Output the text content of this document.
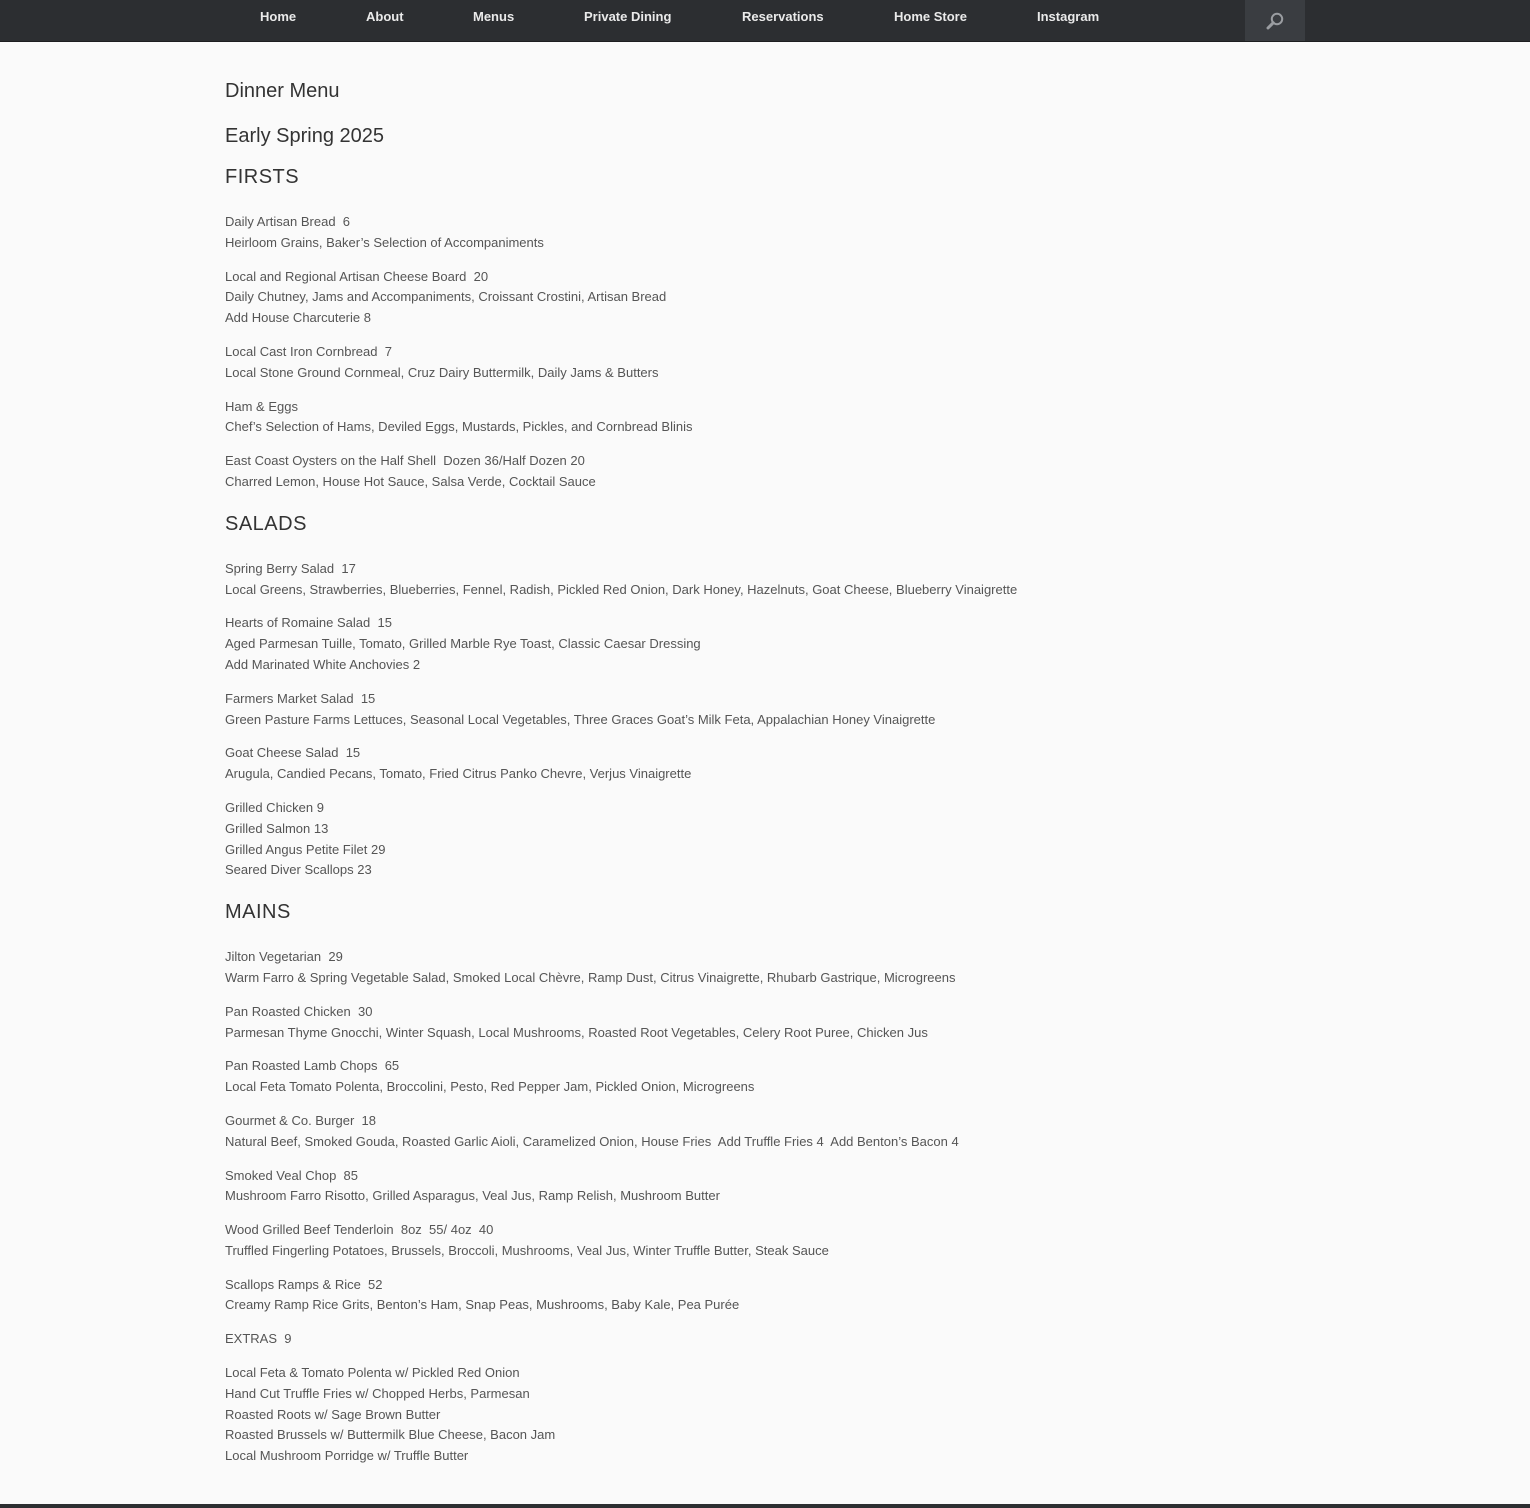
Home	About	Menus	Private Dining	Reservations	Home Store	Instagram
Dinner Menu
Early Spring 2025
FIRSTS
Daily Artisan Bread  6
Heirloom Grains, Baker’s Selection of Accompaniments
Local and Regional Artisan Cheese Board  20
Daily Chutney, Jams and Accompaniments, Croissant Crostini, Artisan Bread
Add House Charcuterie 8
Local Cast Iron Cornbread  7
Local Stone Ground Cornmeal, Cruz Dairy Buttermilk, Daily Jams & Butters
Ham & Eggs
Chef’s Selection of Hams, Deviled Eggs, Mustards, Pickles, and Cornbread Blinis
East Coast Oysters on the Half Shell  Dozen 36/Half Dozen 20
Charred Lemon, House Hot Sauce, Salsa Verde, Cocktail Sauce
SALADS
Spring Berry Salad  17
Local Greens, Strawberries, Blueberries, Fennel, Radish, Pickled Red Onion, Dark Honey, Hazelnuts, Goat Cheese, Blueberry Vinaigrette
Hearts of Romaine Salad  15
Aged Parmesan Tuille, Tomato, Grilled Marble Rye Toast, Classic Caesar Dressing
Add Marinated White Anchovies 2
Farmers Market Salad  15
Green Pasture Farms Lettuces, Seasonal Local Vegetables, Three Graces Goat’s Milk Feta, Appalachian Honey Vinaigrette
Goat Cheese Salad  15
Arugula, Candied Pecans, Tomato, Fried Citrus Panko Chevre, Verjus Vinaigrette
Grilled Chicken 9
Grilled Salmon 13
Grilled Angus Petite Filet 29
Seared Diver Scallops 23
MAINS
Jilton Vegetarian  29
Warm Farro & Spring Vegetable Salad, Smoked Local Chèvre, Ramp Dust, Citrus Vinaigrette, Rhubarb Gastrique, Microgreens
Pan Roasted Chicken  30
Parmesan Thyme Gnocchi, Winter Squash, Local Mushrooms, Roasted Root Vegetables, Celery Root Puree, Chicken Jus
Pan Roasted Lamb Chops  65
Local Feta Tomato Polenta, Broccolini, Pesto, Red Pepper Jam, Pickled Onion, Microgreens
Gourmet & Co. Burger  18
Natural Beef, Smoked Gouda, Roasted Garlic Aioli, Caramelized Onion, House Fries  Add Truffle Fries 4  Add Benton’s Bacon 4
Smoked Veal Chop  85
Mushroom Farro Risotto, Grilled Asparagus, Veal Jus, Ramp Relish, Mushroom Butter
Wood Grilled Beef Tenderloin  8oz  55/ 4oz  40
Truffled Fingerling Potatoes, Brussels, Broccoli, Mushrooms, Veal Jus, Winter Truffle Butter, Steak Sauce
Scallops Ramps & Rice  52
Creamy Ramp Rice Grits, Benton’s Ham, Snap Peas, Mushrooms, Baby Kale, Pea Purée
EXTRAS  9
Local Feta & Tomato Polenta w/ Pickled Red Onion
Hand Cut Truffle Fries w/ Chopped Herbs, Parmesan
Roasted Roots w/ Sage Brown Butter
Roasted Brussels w/ Buttermilk Blue Cheese, Bacon Jam
Local Mushroom Porridge w/ Truffle Butter
